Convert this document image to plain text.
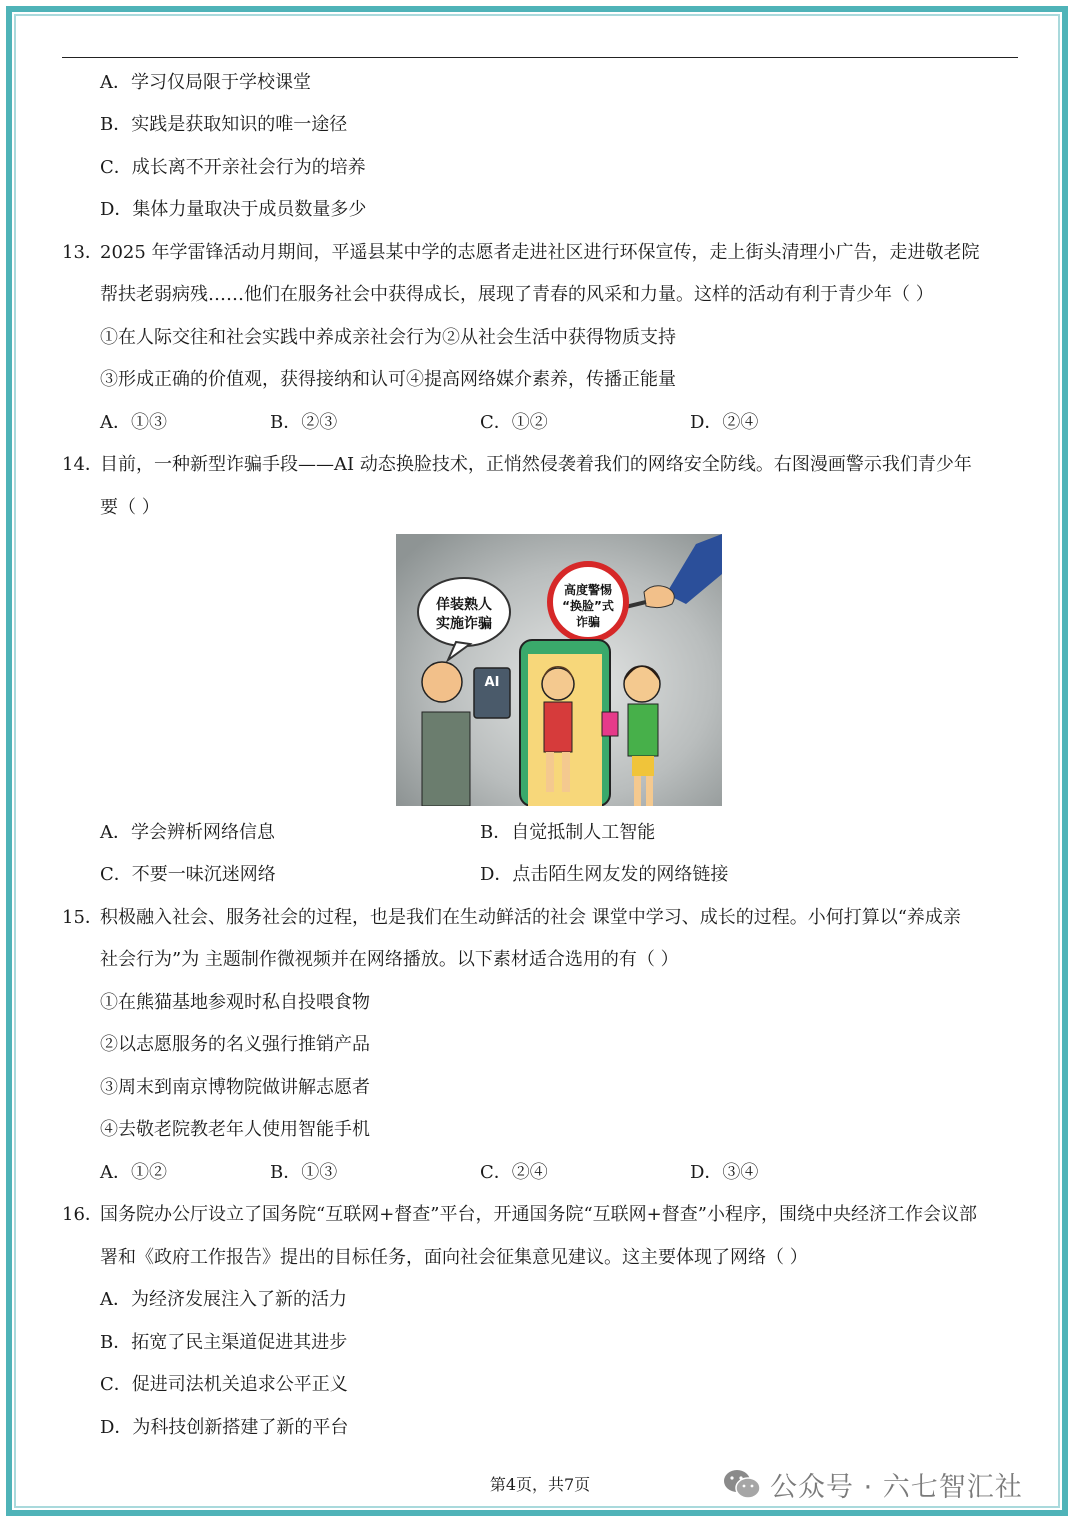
A．学习仅局限于学校课堂
B．实践是获取知识的唯一途径
C．成长离不开亲社会行为的培养
D．集体力量取决于成员数量多少
13．
2025 年学雷锋活动月期间，平遥县某中学的志愿者走进社区进行环保宣传，走上街头清理小广告，走进敬老院
帮扶老弱病残……他们在服务社会中获得成长，展现了青春的风采和力量。这样的活动有利于青少年（ ）
①在人际交往和社会实践中养成亲社会行为②从社会生活中获得物质支持
③形成正确的价值观，获得接纳和认可④提高网络媒介素养，传播正能量
A．①③	B．②③	C．①②	D．②④
14．
目前，一种新型诈骗手段——AI 动态换脸技术，正悄然侵袭着我们的网络安全防线。右图漫画警示我们青少年
要（ ）
高度警惕
“换脸”式
诈骗
佯装熟人
实施诈骗
AI
A．学会辨析网络信息	B．自觉抵制人工智能
C．不要一味沉迷网络	D．点击陌生网友发的网络链接
15．
积极融入社会、服务社会的过程，也是我们在生动鲜活的社会 课堂中学习、成长的过程。小何打算以“养成亲
社会行为”为 主题制作微视频并在网络播放。以下素材适合选用的有（ ）
①在熊猫基地参观时私自投喂食物
②以志愿服务的名义强行推销产品
③周末到南京博物院做讲解志愿者
④去敬老院教老年人使用智能手机
A．①②	B．①③	C．②④	D．③④
16．
国务院办公厅设立了国务院“互联网+督查”平台，开通国务院“互联网+督查”小程序，围绕中央经济工作会议部
署和《政府工作报告》提出的目标任务，面向社会征集意见建议。这主要体现了网络（ ）
A．为经济发展注入了新的活力
B．拓宽了民主渠道促进其进步
C．促进司法机关追求公平正义
D．为科技创新搭建了新的平台
第4页，共7页	公众号 · 六七智汇社
